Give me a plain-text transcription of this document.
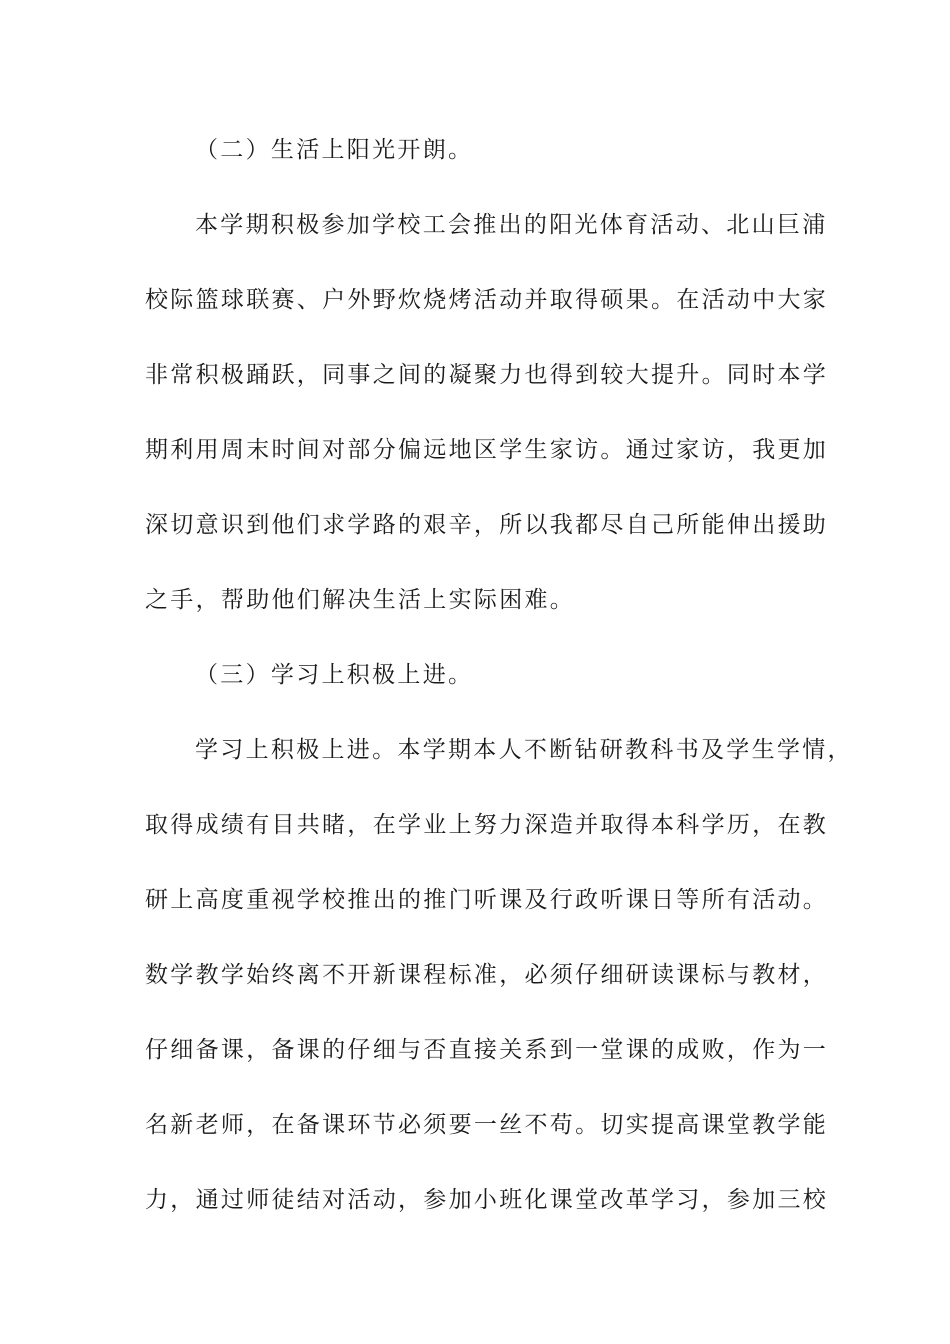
（二）生活上阳光开朗。
本学期积极参加学校工会推出的阳光体育活动、北山巨浦
校际篮球联赛、户外野炊烧烤活动并取得硕果。在活动中大家
非常积极踊跃，同事之间的凝聚力也得到较大提升。同时本学
期利用周末时间对部分偏远地区学生家访。通过家访，我更加
深切意识到他们求学路的艰辛，所以我都尽自己所能伸出援助
之手，帮助他们解决生活上实际困难。
（三）学习上积极上进。
学习上积极上进。本学期本人不断钻研教科书及学生学情，
取得成绩有目共睹，在学业上努力深造并取得本科学历，在教
研上高度重视学校推出的推门听课及行政听课日等所有活动。
数学教学始终离不开新课程标准，必须仔细研读课标与教材，
仔细备课，备课的仔细与否直接关系到一堂课的成败，作为一
名新老师，在备课环节必须要一丝不苟。切实提高课堂教学能
力，通过师徒结对活动，参加小班化课堂改革学习，参加三校
